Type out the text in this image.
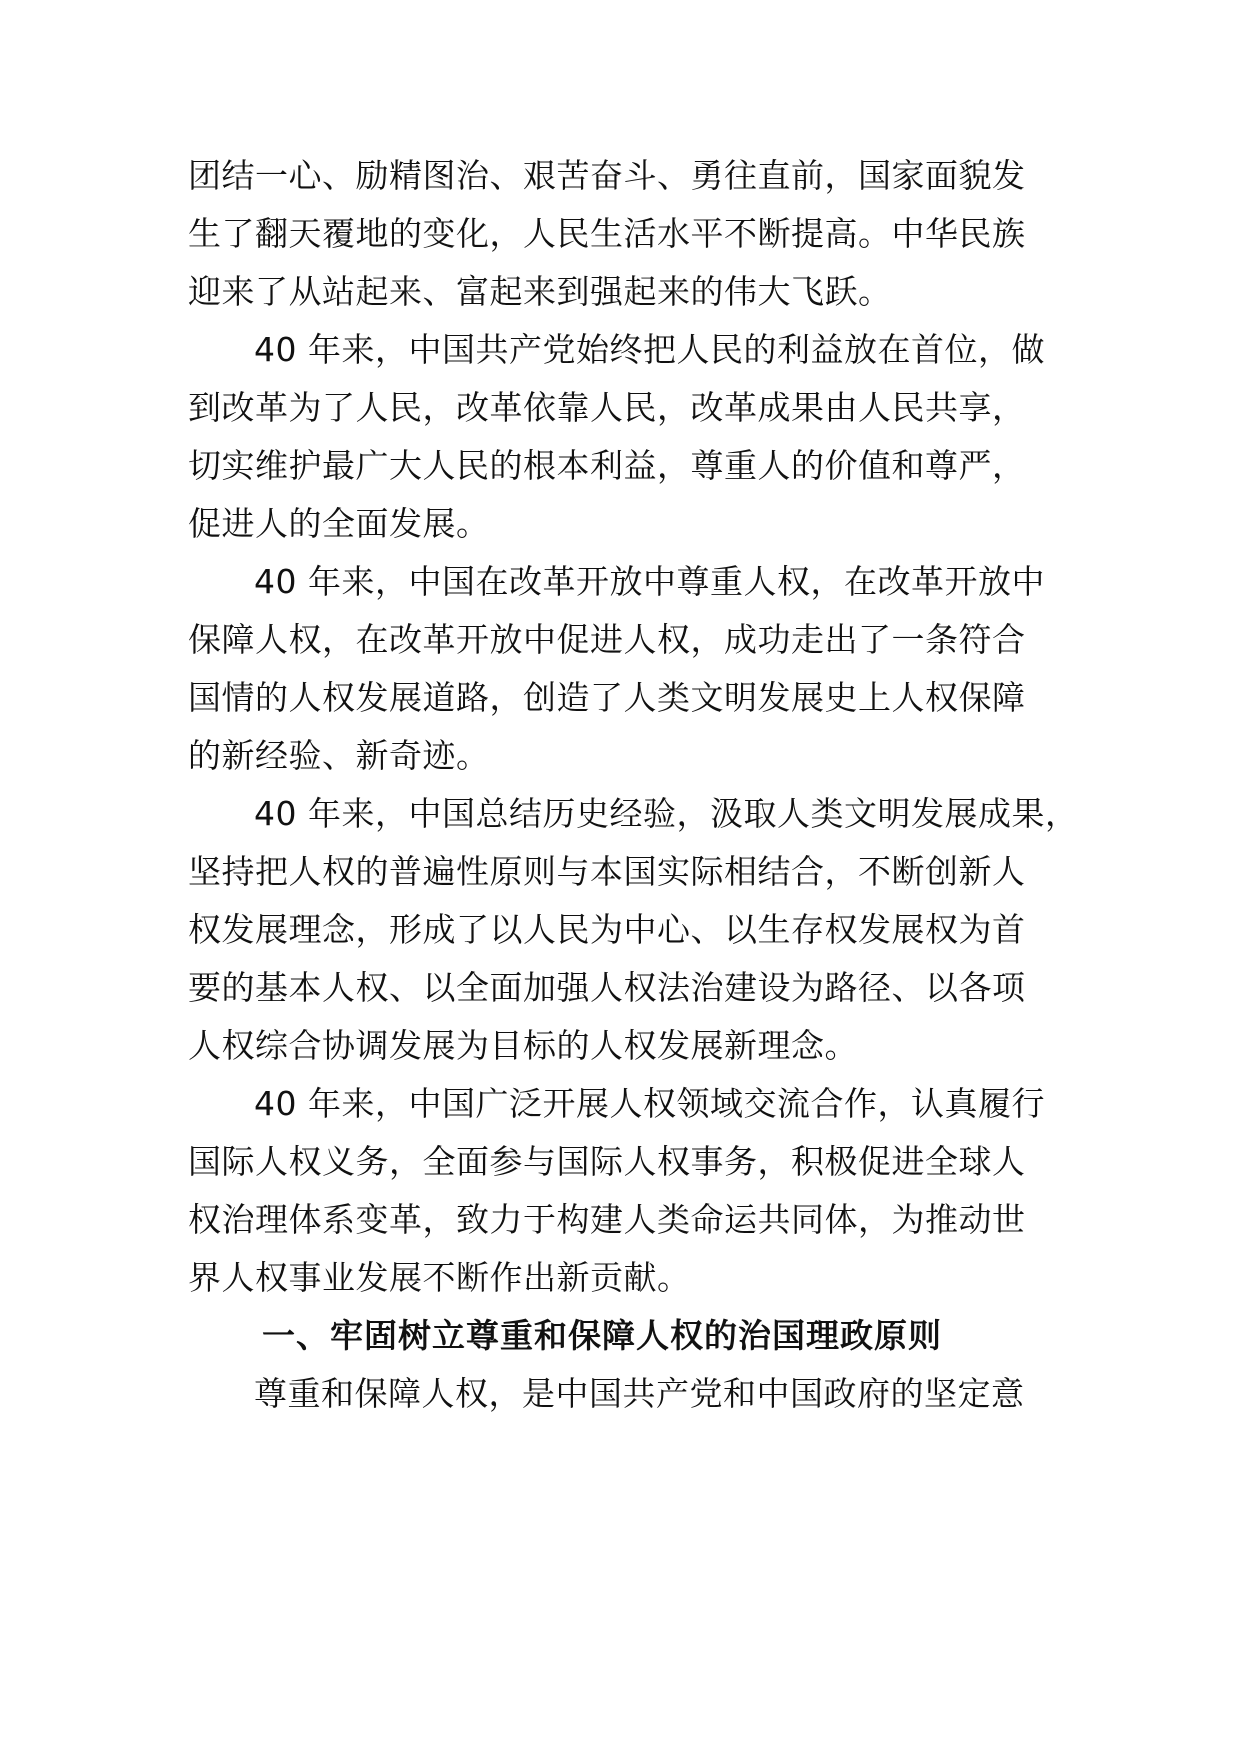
团结一心、励精图治、艰苦奋斗、勇往直前，国家面貌发
生了翻天覆地的变化，人民生活水平不断提高。中华民族
迎来了从站起来、富起来到强起来的伟大飞跃。
40 年来，中国共产党始终把人民的利益放在首位，做
到改革为了人民，改革依靠人民，改革成果由人民共享，
切实维护最广大人民的根本利益，尊重人的价值和尊严，
促进人的全面发展。
40 年来，中国在改革开放中尊重人权，在改革开放中
保障人权，在改革开放中促进人权，成功走出了一条符合
国情的人权发展道路，创造了人类文明发展史上人权保障
的新经验、新奇迹。
40 年来，中国总结历史经验，汲取人类文明发展成果，
坚持把人权的普遍性原则与本国实际相结合，不断创新人
权发展理念，形成了以人民为中心、以生存权发展权为首
要的基本人权、以全面加强人权法治建设为路径、以各项
人权综合协调发展为目标的人权发展新理念。
40 年来，中国广泛开展人权领域交流合作，认真履行
国际人权义务，全面参与国际人权事务，积极促进全球人
权治理体系变革，致力于构建人类命运共同体，为推动世
界人权事业发展不断作出新贡献。
一、牢固树立尊重和保障人权的治国理政原则
尊重和保障人权，是中国共产党和中国政府的坚定意
